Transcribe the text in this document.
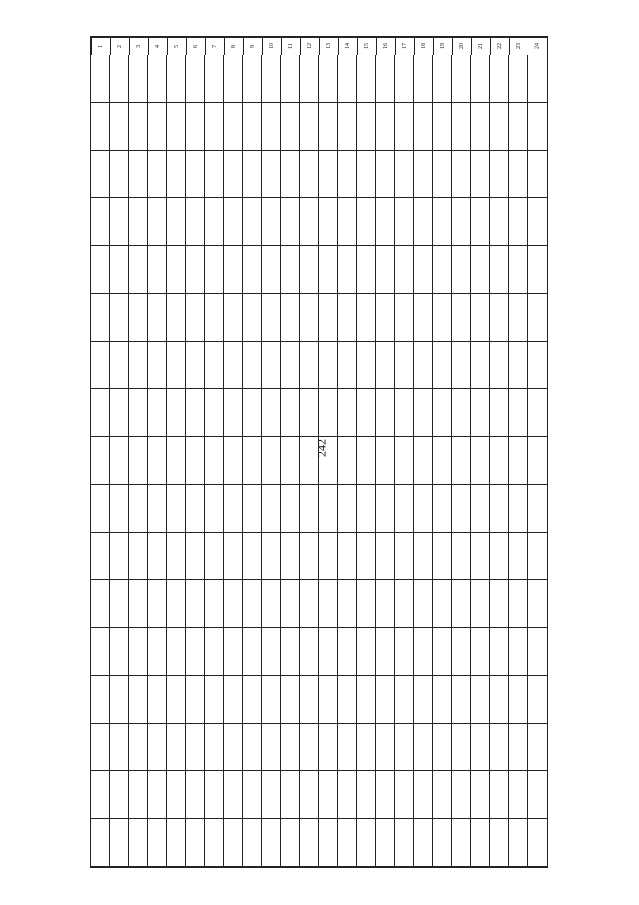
242
1	2	3	4	5	6	7	8	9	10	11	12	13	14	15	16	17	18	19	20	21	22	23	24
